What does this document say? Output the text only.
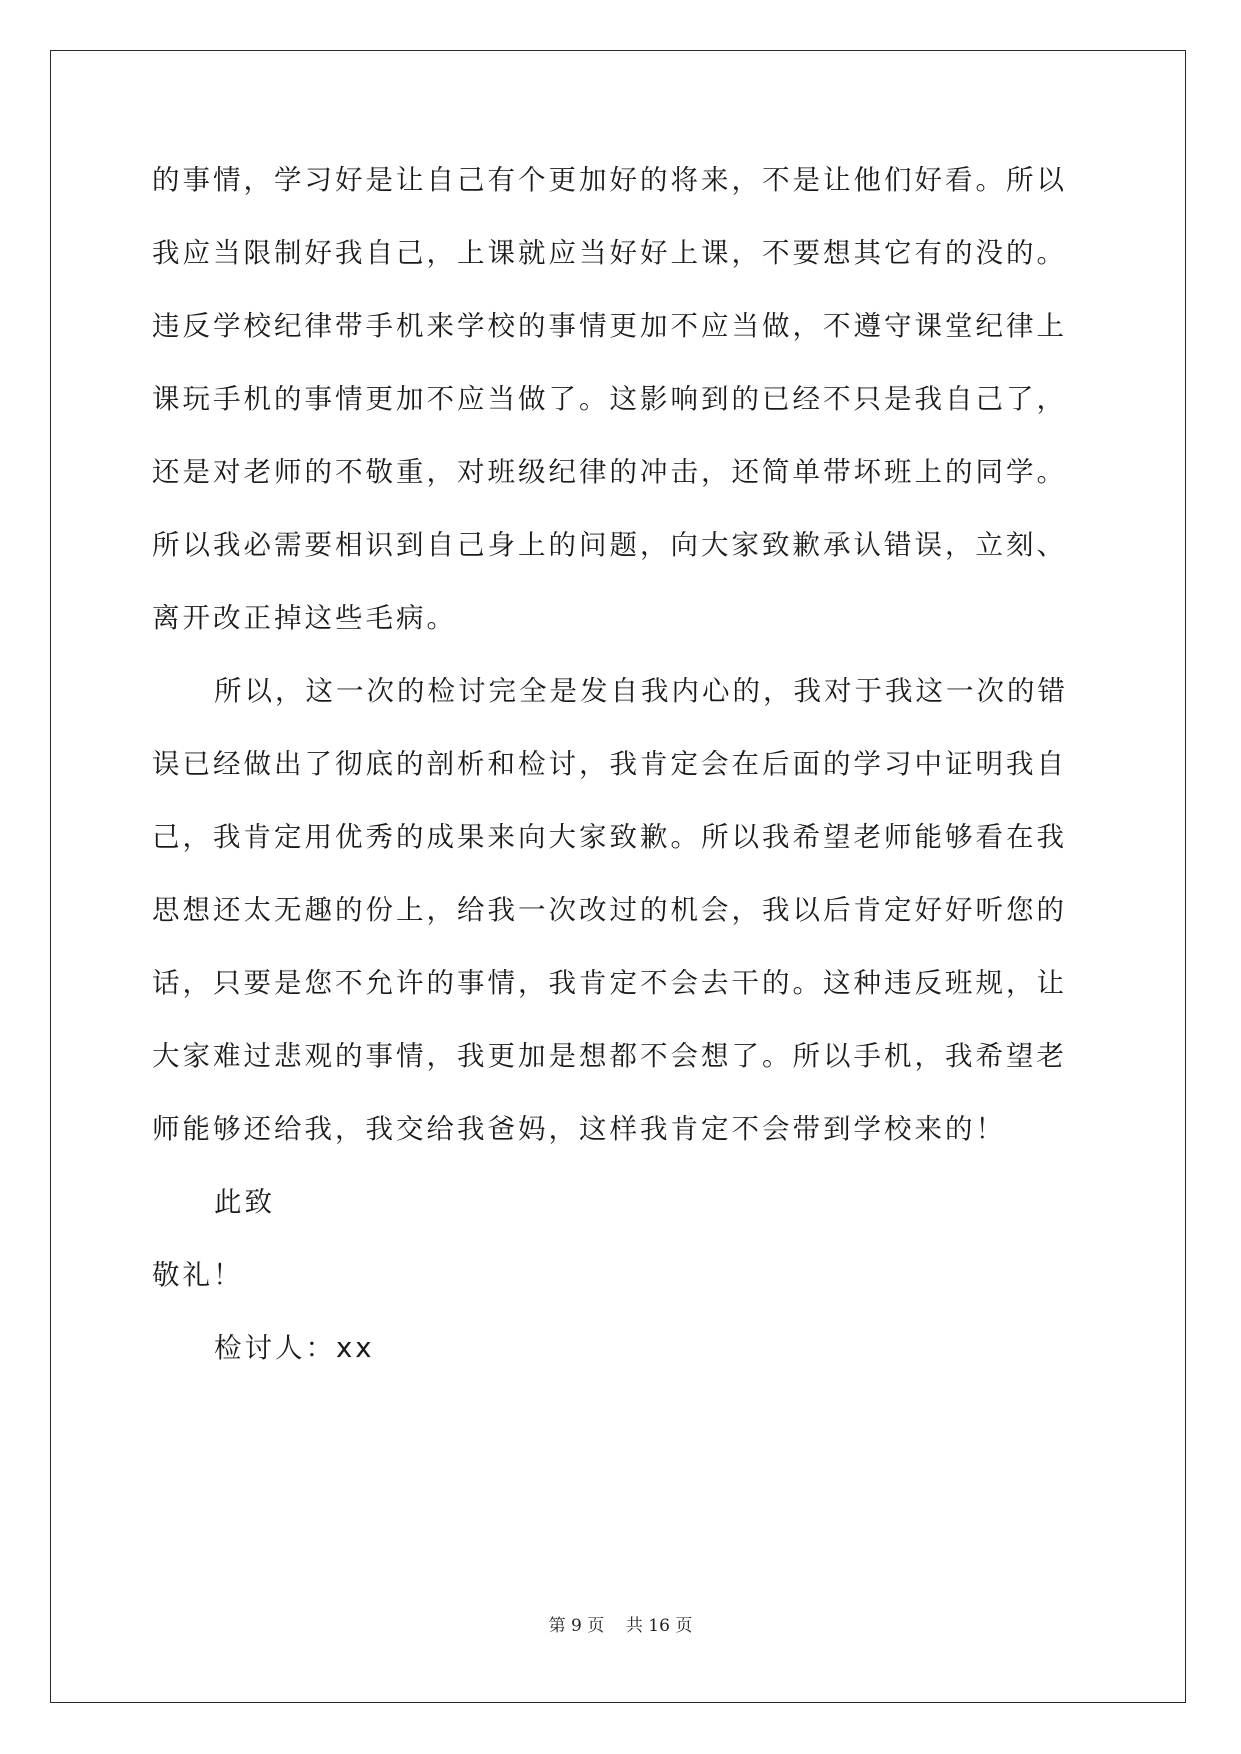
的事情，学习好是让自己有个更加好的将来，不是让他们好看。所以
我应当限制好我自己，上课就应当好好上课，不要想其它有的没的。
违反学校纪律带手机来学校的事情更加不应当做，不遵守课堂纪律上
课玩手机的事情更加不应当做了。这影响到的已经不只是我自己了，
还是对老师的不敬重，对班级纪律的冲击，还简单带坏班上的同学。
所以我必需要相识到自己身上的问题，向大家致歉承认错误，立刻、
离开改正掉这些毛病。
所以，这一次的检讨完全是发自我内心的，我对于我这一次的错
误已经做出了彻底的剖析和检讨，我肯定会在后面的学习中证明我自
己，我肯定用优秀的成果来向大家致歉。所以我希望老师能够看在我
思想还太无趣的份上，给我一次改过的机会，我以后肯定好好听您的
话，只要是您不允许的事情，我肯定不会去干的。这种违反班规，让
大家难过悲观的事情，我更加是想都不会想了。所以手机，我希望老
师能够还给我，我交给我爸妈，这样我肯定不会带到学校来的！
此致
敬礼！
检讨人：xx
第 9 页    共 16 页
